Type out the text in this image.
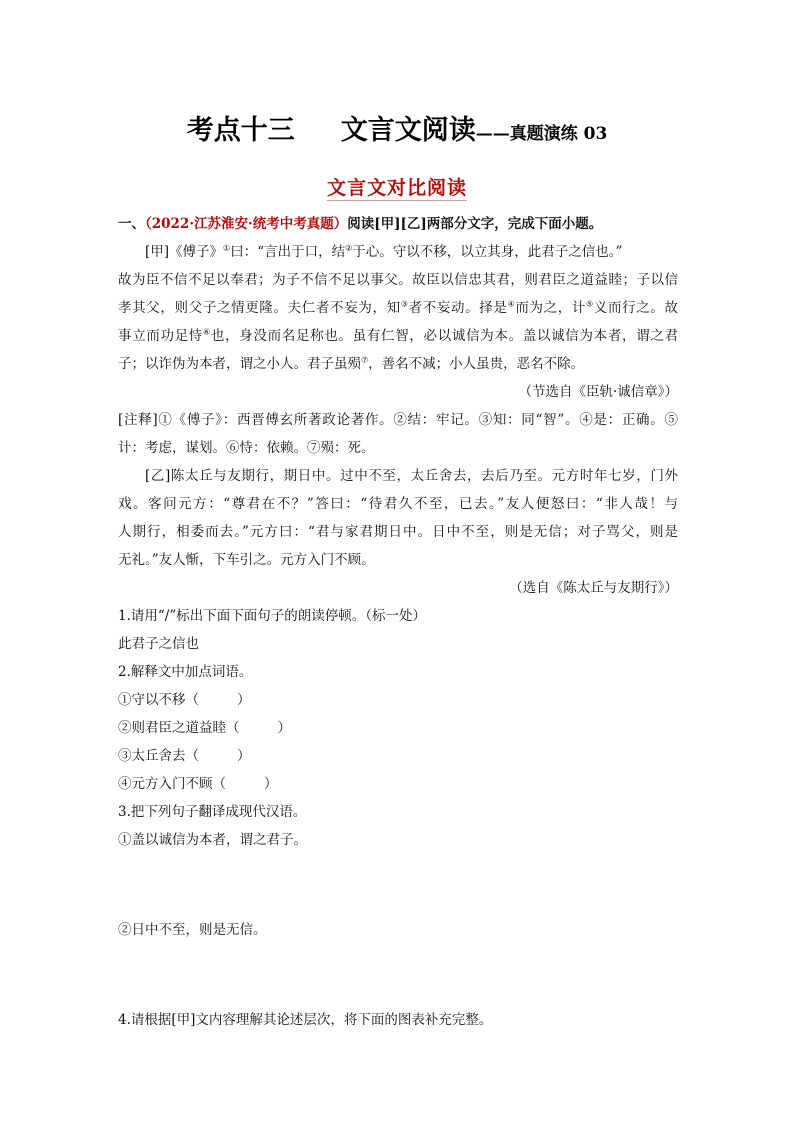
考点十三 文言文阅读——真题演练 03
文言文对比阅读
一、（2022·江苏淮安·统考中考真题）阅读[甲][乙]两部分文字，完成下面小题。
[甲]《傅子》①曰：“言出于口，结②于心。守以不移，以立其身，此君子之信也。”
故为臣不信不足以奉君；为子不信不足以事父。故臣以信忠其君，则君臣之道益睦；子以信
孝其父，则父子之情更隆。夫仁者不妄为，知③者不妄动。择是④而为之，计⑤义而行之。故
事立而功足恃⑥也，身没而名足称也。虽有仁智，必以诚信为本。盖以诚信为本者，谓之君
子；以诈伪为本者，谓之小人。君子虽殒⑦，善名不减；小人虽贵，恶名不除。
（节选自《臣轨·诚信章》）
[注释]①《傅子》：西晋傅玄所著政论著作。②结：牢记。③知：同“智”。④是：正确。⑤
计：考虑，谋划。⑥恃：依赖。⑦殒：死。
[乙]陈太丘与友期行，期日中。过中不至，太丘舍去，去后乃至。元方时年七岁，门外
戏。客问元方：“尊君在不？”答曰：“待君久不至，已去。”友人便怒曰：“非人哉！与
人期行，相委而去。”元方曰：“君与家君期日中。日中不至，则是无信；对子骂父，则是
无礼。”友人惭，下车引之。元方入门不顾。
（选自《陈太丘与友期行》）
1.请用“/”标出下面下面句子的朗读停顿。（标一处）
此君子之信也
2.解释文中加点词语。
①守以不移（	）
②则君臣之道益睦（	）
③太丘舍去（	）
④元方入门不顾（	）
3.把下列句子翻译成现代汉语。
①盖以诚信为本者，谓之君子。
②日中不至，则是无信。
4.请根据[甲]文内容理解其论述层次，将下面的图表补充完整。
